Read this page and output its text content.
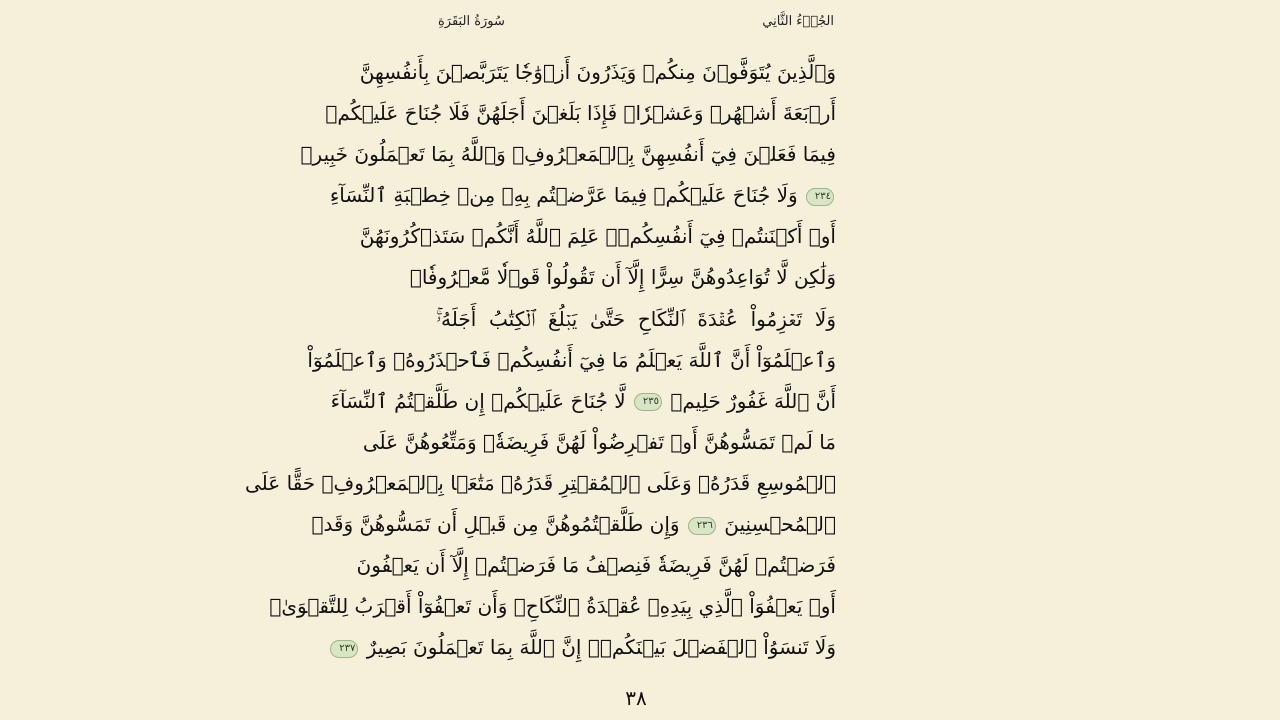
الجُزۡءُ الثَّانِي
سُورَةُ البَقَرَةِ
وَٱلَّذِينَ يُتَوَفَّوۡنَ مِنكُمۡ وَيَذَرُونَ أَزۡوَٰجٗا يَتَرَبَّصۡنَ بِأَنفُسِهِنَّ
أَرۡبَعَةَ أَشۡهُرٖ وَعَشۡرٗاۖ فَإِذَا بَلَغۡنَ أَجَلَهُنَّ فَلَا جُنَاحَ عَلَيۡكُمۡ
فِيمَا فَعَلۡنَ فِيٓ أَنفُسِهِنَّ بِٱلۡمَعۡرُوفِۗ وَٱللَّهُ بِمَا تَعۡمَلُونَ خَبِيرٞ
٢٣٤ وَلَا جُنَاحَ عَلَيۡكُمۡ فِيمَا عَرَّضۡتُم بِهِۦ مِنۡ خِطۡبَةِ ٱلنِّسَآءِ
أَوۡ أَكۡنَنتُمۡ فِيٓ أَنفُسِكُمۡۚ عَلِمَ ٱللَّهُ أَنَّكُمۡ سَتَذۡكُرُونَهُنَّ
وَلَٰكِن لَّا تُوَاعِدُوهُنَّ سِرًّا إِلَّآ أَن تَقُولُواْ قَوۡلٗا مَّعۡرُوفٗاۚ
وَلَا تَعۡزِمُواْ عُقۡدَةَ ٱلنِّكَاحِ حَتَّىٰ يَبۡلُغَ ٱلۡكِتَٰبُ أَجَلَهُۥۚ
وَٱعۡلَمُوٓاْ أَنَّ ٱللَّهَ يَعۡلَمُ مَا فِيٓ أَنفُسِكُمۡ فَٱحۡذَرُوهُۚ وَٱعۡلَمُوٓاْ
أَنَّ ٱللَّهَ غَفُورٌ حَلِيمٞ ٢٣٥ لَّا جُنَاحَ عَلَيۡكُمۡ إِن طَلَّقۡتُمُ ٱلنِّسَآءَ
مَا لَمۡ تَمَسُّوهُنَّ أَوۡ تَفۡرِضُواْ لَهُنَّ فَرِيضَةٗۚ وَمَتِّعُوهُنَّ عَلَى
ٱلۡمُوسِعِ قَدَرُهُۥ وَعَلَى ٱلۡمُقۡتِرِ قَدَرُهُۥ مَتَٰعَۢا بِٱلۡمَعۡرُوفِۖ حَقًّا عَلَى
ٱلۡمُحۡسِنِينَ ٢٣٦ وَإِن طَلَّقۡتُمُوهُنَّ مِن قَبۡلِ أَن تَمَسُّوهُنَّ وَقَدۡ
فَرَضۡتُمۡ لَهُنَّ فَرِيضَةٗ فَنِصۡفُ مَا فَرَضۡتُمۡ إِلَّآ أَن يَعۡفُونَ
أَوۡ يَعۡفُوَاْ ٱلَّذِي بِيَدِهِۦ عُقۡدَةُ ٱلنِّكَاحِۚ وَأَن تَعۡفُوٓاْ أَقۡرَبُ لِلتَّقۡوَىٰۚ
وَلَا تَنسَوُاْ ٱلۡفَضۡلَ بَيۡنَكُمۡۚ إِنَّ ٱللَّهَ بِمَا تَعۡمَلُونَ بَصِيرٌ ٢٣٧
٣٨
